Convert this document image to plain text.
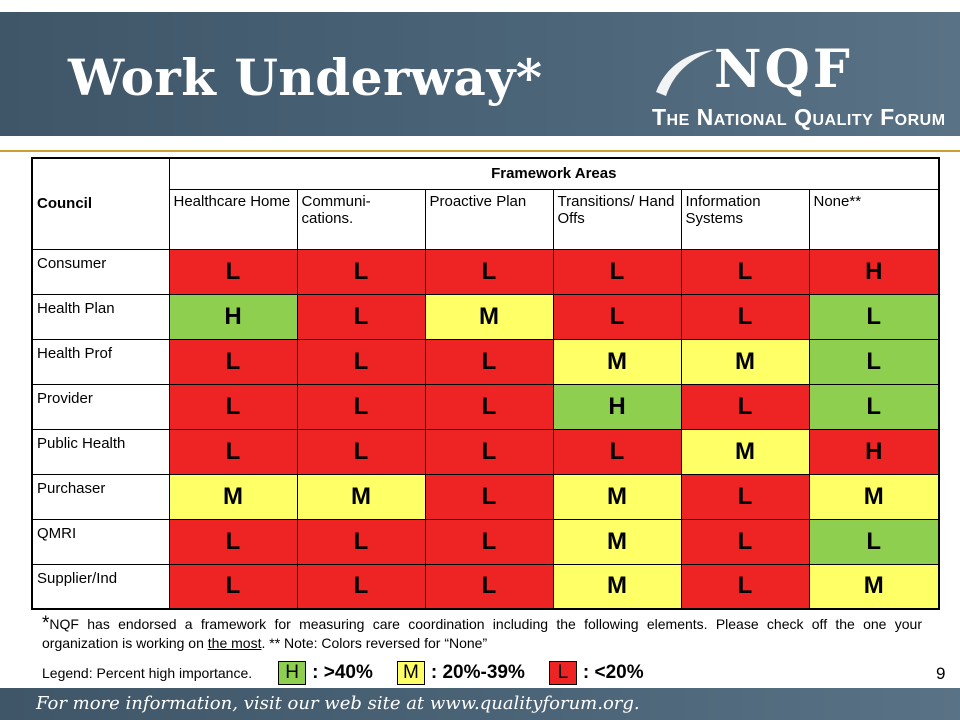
Work Underway*	NQF
The National Quality Forum
Council	Framework Areas					
	Healthcare Home	Communi- cations.	Proactive Plan	Transitions/ Hand Offs	Information Systems	None**
Consumer	L	L	L	L	L	H
Health Plan	H	L	M	L	L	L
Health Prof	L	L	L	M	M	L
Provider	L	L	L	H	L	L
Public Health	L	L	L	L	M	H
Purchaser	M	M	L	M	L	M
QMRI	L	L	L	M	L	L
Supplier/Ind	L	L	L	M	L	M
*NQF has endorsed a framework for measuring care coordination including the following elements. Please check off the one your organization is working on the most. ** Note: Colors reversed for “None”
Legend: Percent high importance.	H : >40%	M : 20%-39%	L : <20%	9
For more information, visit our web site at www.qualityforum.org.
